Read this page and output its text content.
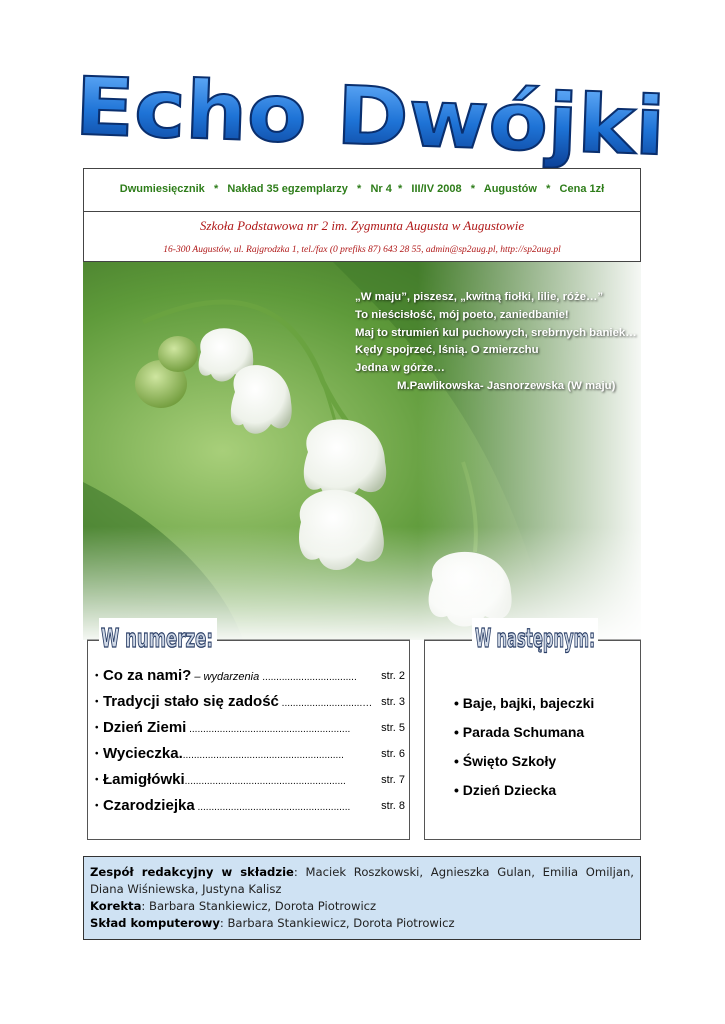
Echo Dwójki
Dwumiesięcznik   *   Nakład 35 egzemplarzy   *   Nr 4  *   III/IV 2008   *   Augustów   *   Cena 1zł
Szkoła Podstawowa nr 2 im. Zygmunta Augusta w Augustowie
16-300 Augustów, ul. Rajgrodzka 1, tel./fax (0 prefiks 87) 643 28 55, admin@sp2aug.pl, http://sp2aug.pl
„W maju”, piszesz, „kwitną fiołki, lilie, róże…”
To nieścisłość, mój poeto, zaniedbanie!
Maj to strumień kul puchowych, srebrnych baniek…
Kędy spojrzeć, lśnią. O zmierzchu
Jedna w górze…
M.Pawlikowska- Jasnorzewska (W maju)
W numerze:
• Co za nami? – wydarzenia .................................. str. 2
• Tradycji stało się zadość .............................… str. 3
• Dzień Ziemi ..........................................................	str. 5
• Wycieczka...........................................................	str. 6
• Łamigłówki..........................................................	str. 7
• Czarodziejka .......................................................	str. 8
W następnym:
• Baje, bajki, bajeczki
• Parada Schumana
• Święto Szkoły
• Dzień Dziecka
Zespół redakcyjny w składzie: Maciek Roszkowski, Agnieszka Gulan, Emilia Omiljan, Diana Wiśniewska, Justyna Kalisz
Korekta: Barbara Stankiewicz, Dorota Piotrowicz
Skład komputerowy: Barbara Stankiewicz, Dorota Piotrowicz
